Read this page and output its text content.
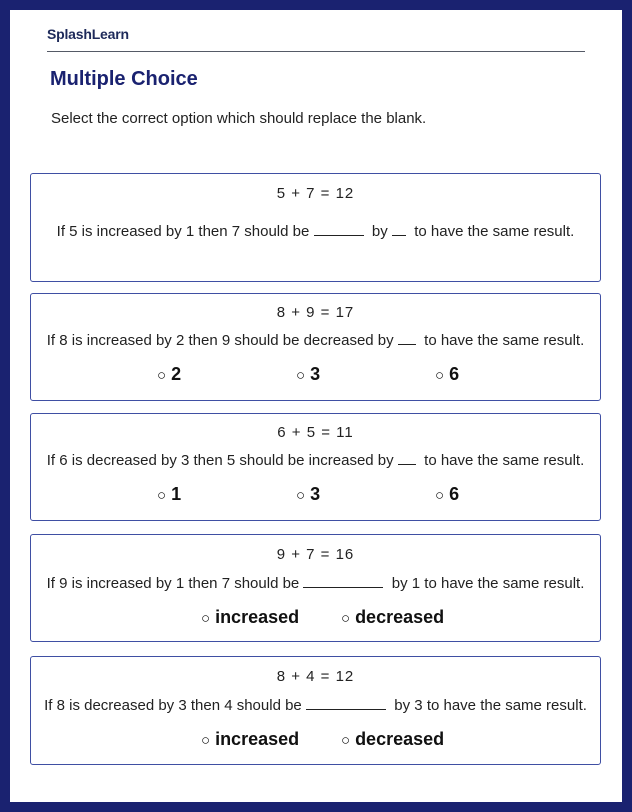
SplashLearn
Multiple Choice
Select the correct option which should replace the blank.
5 + 7 = 12
If 5 is increased by 1 then 7 should be	by to have the same result.
8 + 9 = 17
If 8 is increased by 2 then 9 should be decreased by to have the same result.
○ 2	○ 3	○ 6
6 + 5 = 11
If 6 is decreased by 3 then 5 should be increased by to have the same result.
○ 1	○ 3	○ 6
9 + 7 = 16
If 9 is increased by 1 then 7 should be	by 1 to have the same result.
○ increased	○ decreased
8 + 4 = 12
If 8 is decreased by 3 then 4 should be	by 3 to have the same result.
○ increased	○ decreased
